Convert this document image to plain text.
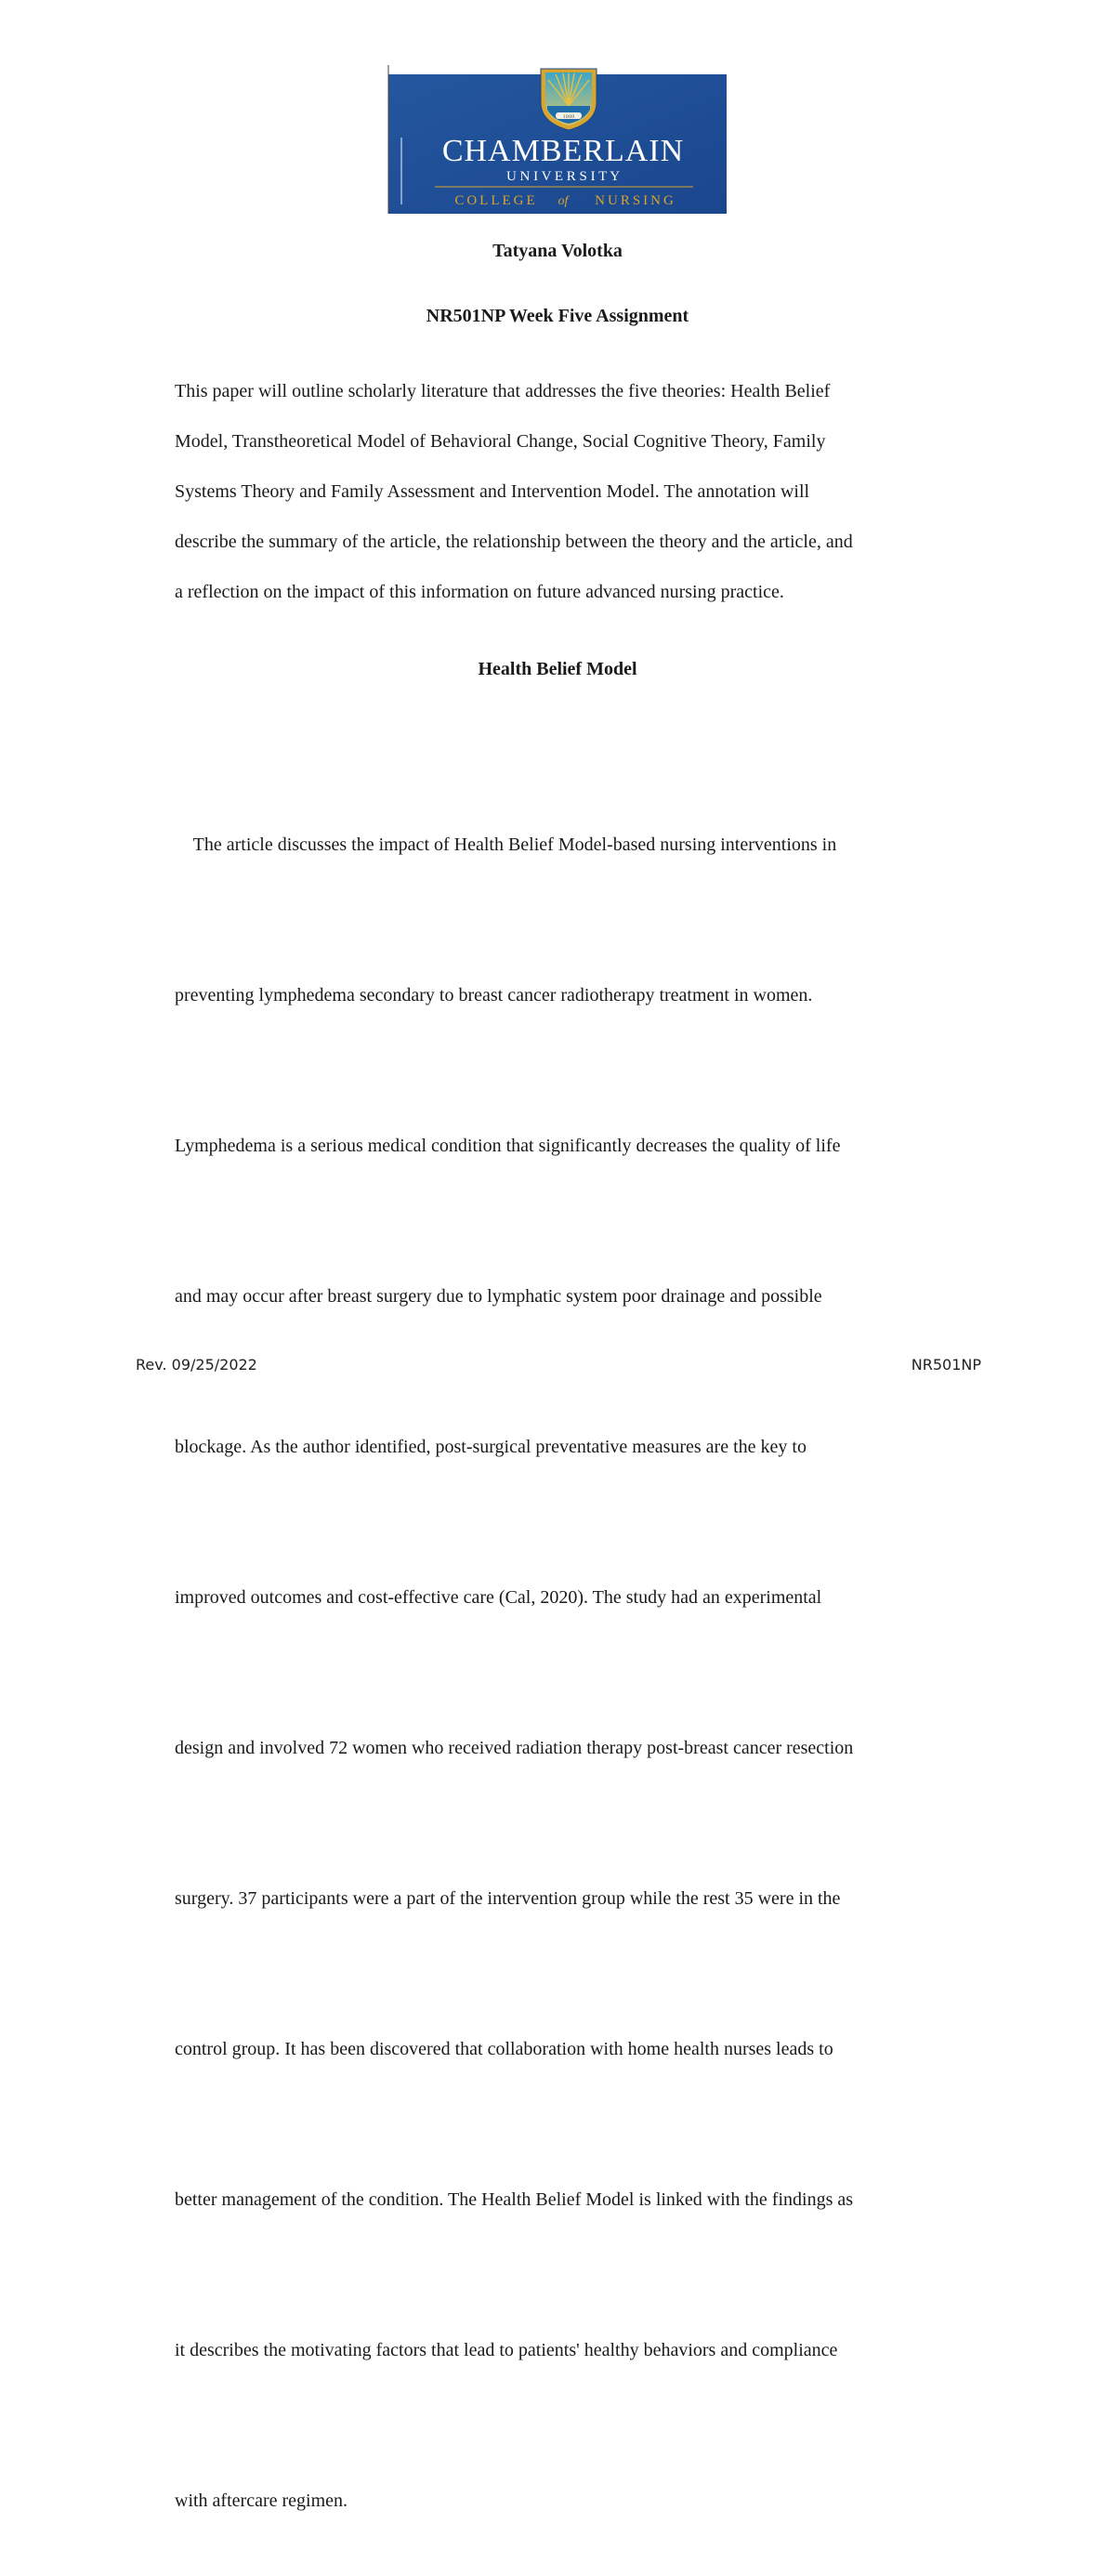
1889
CHAMBERLAIN
U N I V E R S I T Y
COLLEGE of NURSING
Tatyana Volotka
NR501NP Week Five Assignment
This paper will outline scholarly literature that addresses the five theories: Health Belief
Model, Transtheoretical Model of Behavioral Change, Social Cognitive Theory, Family
Systems Theory and Family Assessment and Intervention Model. The annotation will
describe the summary of the article, the relationship between the theory and the article, and
a reflection on the impact of this information on future advanced nursing practice.
Health Belief Model

The article discusses the impact of Health Belief Model-based nursing interventions in

preventing lymphedema secondary to breast cancer radiotherapy treatment in women.

Lymphedema is a serious medical condition that significantly decreases the quality of life

and may occur after breast surgery due to lymphatic system poor drainage and possible

blockage. As the author identified, post-surgical preventative measures are the key to

improved outcomes and cost-effective care (Cal, 2020). The study had an experimental

design and involved 72 women who received radiation therapy post-breast cancer resection

surgery. 37 participants were a part of the intervention group while the rest 35 were in the

control group. It has been discovered that collaboration with home health nurses leads to

better management of the condition. The Health Belief Model is linked with the findings as

it describes the motivating factors that lead to patients' healthy behaviors and compliance

with aftercare regimen.

Rev. 09/25/2022	NR501NP
